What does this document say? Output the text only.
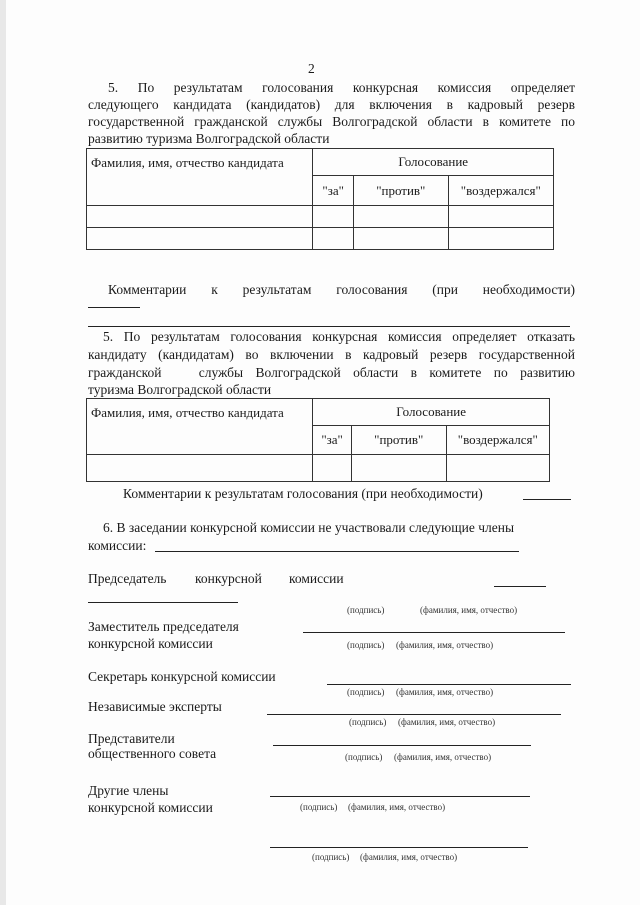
2
5. По результатам голосования конкурсная комиссия определяет
следующего кандидата (кандидатов) для включения в кадровый резерв
государственной гражданской службы Волгоградской области в комитете по
развитию туризма Волгоградской области
Фамилия, имя, отчество кандидата	Голосование		
	"за"	"против"	"воздержался"

Комментарии к результатам голосования (при необходимости)
5. По результатам голосования конкурсная комиссия определяет отказать
кандидату (кандидатам) во включении в кадровый резерв государственной
гражданской   службы Волгоградской области в комитете по развитию
туризма Волгоградской области
Фамилия, имя, отчество кандидата	Голосование		
	"за"	"против"	"воздержался"

Комментарии к результатам голосования (при необходимости)
6. В заседании конкурсной комиссии не участвовали следующие члены
комиссии:
Председатель конкурсной комиссии
(подпись)	(фамилия, имя, отчество)
Заместитель председателя
конкурсной комиссии	(подпись) (фамилия, имя, отчество)
Секретарь конкурсной комиссии
(подпись) (фамилия, имя, отчество)
Независимые эксперты
(подпись) (фамилия, имя, отчество)
Представители
общественного совета	(подпись) (фамилия, имя, отчество)
Другие члены
конкурсной комиссии	(подпись) (фамилия, имя, отчество)
(подпись) (фамилия, имя, отчество)
